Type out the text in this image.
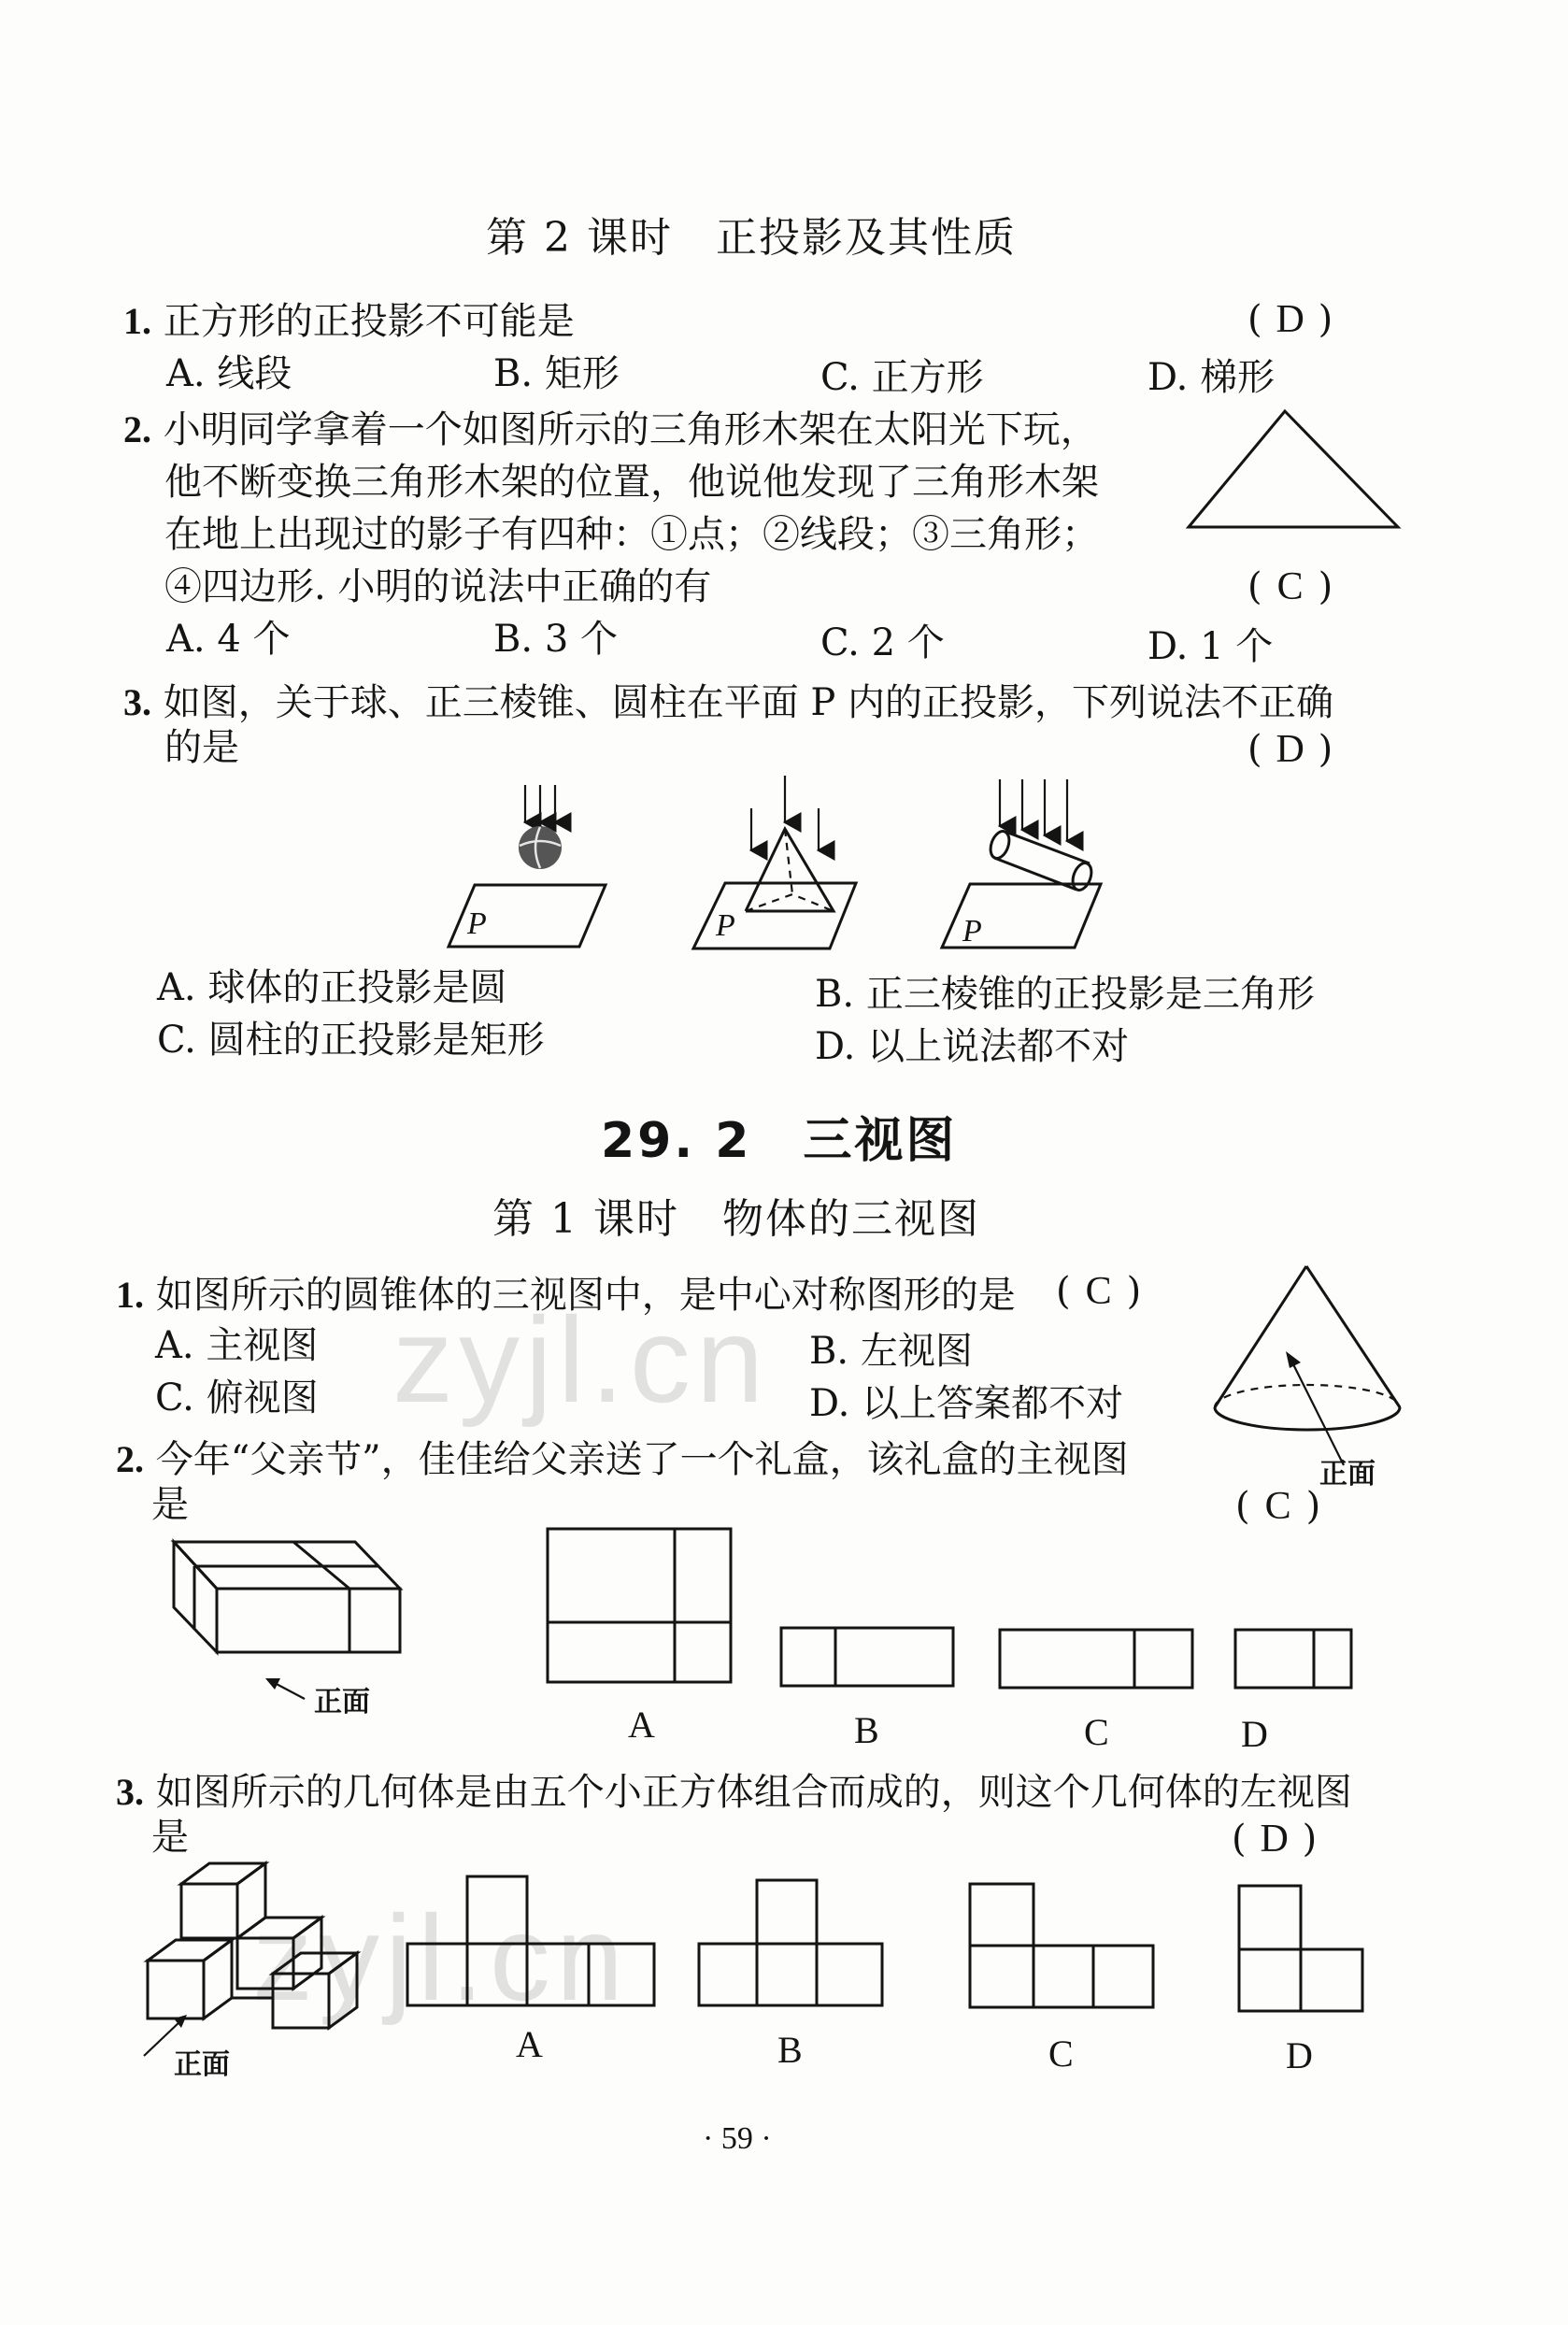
zyjl.cn
zyjl.cn
第 2 课时　正投影及其性质
1. 正方形的正投影不可能是	( D )
A. 线段	B. 矩形	C. 正方形	D. 梯形
2. 小明同学拿着一个如图所示的三角形木架在太阳光下玩，
他不断变换三角形木架的位置，他说他发现了三角形木架
在地上出现过的影子有四种：①点；②线段；③三角形；
④四边形. 小明的说法中正确的有	( C )
A. 4 个	B. 3 个	C. 2 个	D. 1 个
3. 如图，关于球、正三棱锥、圆柱在平面 P 内的正投影，下列说法不正确
的是	( D )
P	P	P
A. 球体的正投影是圆	B. 正三棱锥的正投影是三角形
C. 圆柱的正投影是矩形	D. 以上说法都不对
29. 2　三视图
第 1 课时　物体的三视图
1. 如图所示的圆锥体的三视图中，是中心对称图形的是 ( C )
A. 主视图	B. 左视图
C. 俯视图	D. 以上答案都不对
正面
2. 今年“父亲节”，佳佳给父亲送了一个礼盒，该礼盒的主视图
是	( C )
正面
A	B	C	D
3. 如图所示的几何体是由五个小正方体组合而成的，则这个几何体的左视图
是	( D )
正面	A	B	C	D
· 59 ·
